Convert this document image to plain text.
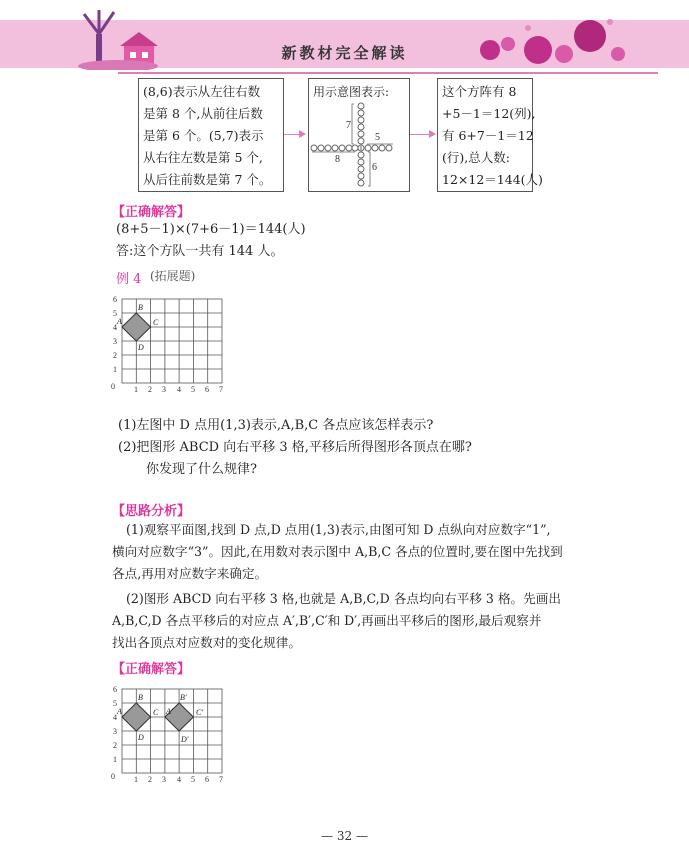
新教材完全解读
(8,6)表示从左往右数
是第 8 个,从前往后数
是第 6 个。(5,7)表示
从右往左数是第 5 个,
从后往前数是第 7 个。
用示意图表示:
7
5
8
6
这个方阵有 8
+5－1＝12(列),
有 6+7－1＝12
(行),总人数:
12×12＝144(人)
【正确解答】
(8+5－1)×(7+6－1)＝144(人)
答:这个方队一共有 144 人。
例 4 (拓展题)
A
B
C
D
0 1 2 3 4 5 6 7
1
2
3
4
5
6
(1)左图中 D 点用(1,3)表示,A,B,C 各点应该怎样表示?
(2)把图形 ABCD 向右平移 3 格,平移后所得图形各顶点在哪?
你发现了什么规律?
【思路分析】
(1)观察平面图,找到 D 点,D 点用(1,3)表示,由图可知 D 点纵向对应数字“1”,
横向对应数字“3”。因此,在用数对表示图中 A,B,C 各点的位置时,要在图中先找到
各点,再用对应数字来确定。
(2)图形 ABCD 向右平移 3 格,也就是 A,B,C,D 各点均向右平移 3 格。先画出
A,B,C,D 各点平移后的对应点 A′,B′,C′和 D′,再画出平移后的图形,最后观察并
找出各顶点对应数对的变化规律。
【正确解答】
A
B
C
D
A′
B′
C′
D′
0 1 2 3 4 5 6 7
1
2
3
4
5
6
— 32 —
